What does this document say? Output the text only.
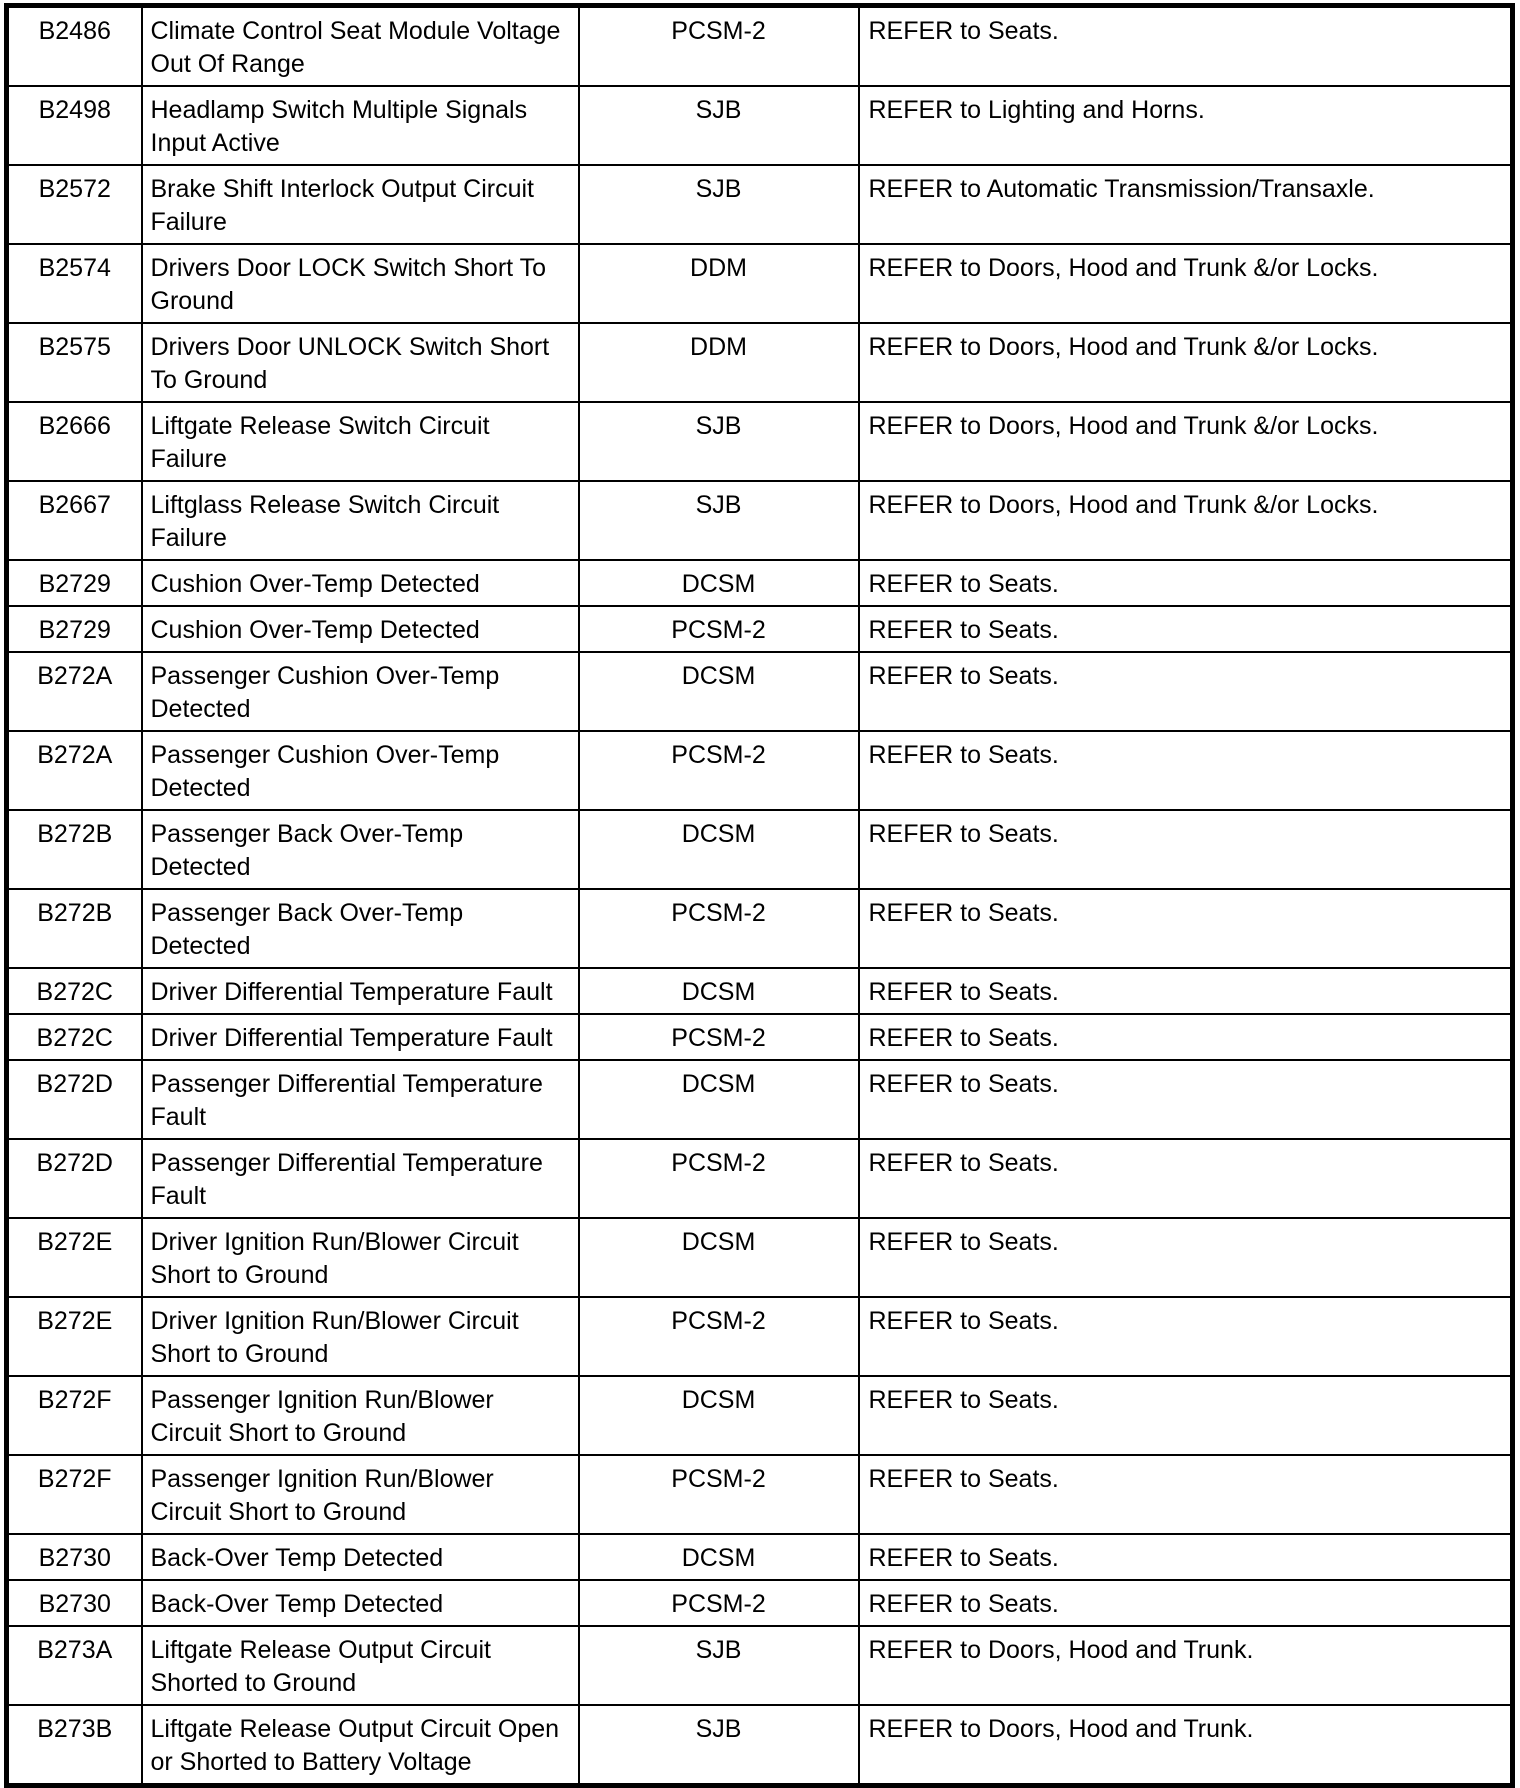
B2486	Climate Control Seat Module Voltage Out Of Range	PCSM-2	REFER to Seats.
B2498	Headlamp Switch Multiple Signals Input Active	SJB	REFER to Lighting and Horns.
B2572	Brake Shift Interlock Output Circuit Failure	SJB	REFER to Automatic Transmission/Transaxle.
B2574	Drivers Door LOCK Switch Short To Ground	DDM	REFER to Doors, Hood and Trunk &/or Locks.
B2575	Drivers Door UNLOCK Switch Short To Ground	DDM	REFER to Doors, Hood and Trunk &/or Locks.
B2666	Liftgate Release Switch Circuit Failure	SJB	REFER to Doors, Hood and Trunk &/or Locks.
B2667	Liftglass Release Switch Circuit Failure	SJB	REFER to Doors, Hood and Trunk &/or Locks.
B2729	Cushion Over-Temp Detected	DCSM	REFER to Seats.
B2729	Cushion Over-Temp Detected	PCSM-2	REFER to Seats.
B272A	Passenger Cushion Over-Temp Detected	DCSM	REFER to Seats.
B272A	Passenger Cushion Over-Temp Detected	PCSM-2	REFER to Seats.
B272B	Passenger Back Over-Temp Detected	DCSM	REFER to Seats.
B272B	Passenger Back Over-Temp Detected	PCSM-2	REFER to Seats.
B272C	Driver Differential Temperature Fault	DCSM	REFER to Seats.
B272C	Driver Differential Temperature Fault	PCSM-2	REFER to Seats.
B272D	Passenger Differential Temperature Fault	DCSM	REFER to Seats.
B272D	Passenger Differential Temperature Fault	PCSM-2	REFER to Seats.
B272E	Driver Ignition Run/Blower Circuit Short to Ground	DCSM	REFER to Seats.
B272E	Driver Ignition Run/Blower Circuit Short to Ground	PCSM-2	REFER to Seats.
B272F	Passenger Ignition Run/Blower Circuit Short to Ground	DCSM	REFER to Seats.
B272F	Passenger Ignition Run/Blower Circuit Short to Ground	PCSM-2	REFER to Seats.
B2730	Back-Over Temp Detected	DCSM	REFER to Seats.
B2730	Back-Over Temp Detected	PCSM-2	REFER to Seats.
B273A	Liftgate Release Output Circuit Shorted to Ground	SJB	REFER to Doors, Hood and Trunk.
B273B	Liftgate Release Output Circuit Open or Shorted to Battery Voltage	SJB	REFER to Doors, Hood and Trunk.
